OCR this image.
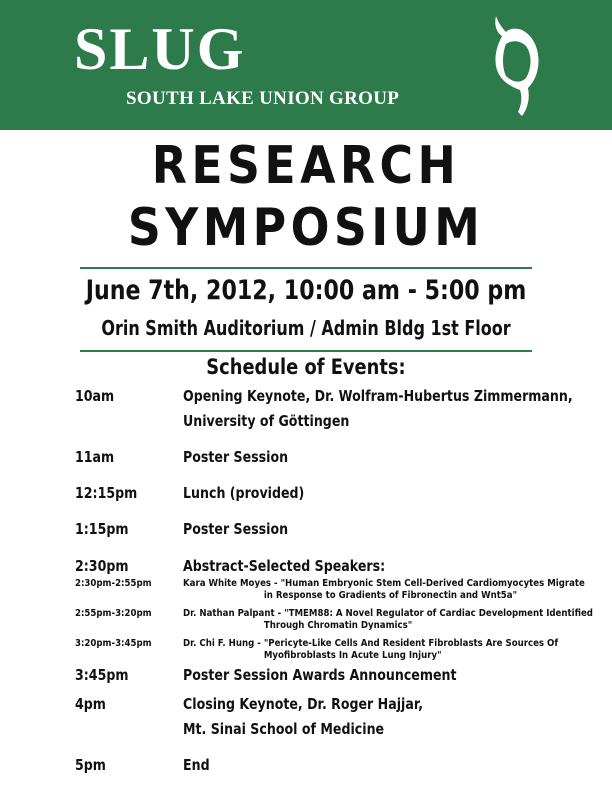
SLUG
SOUTH LAKE UNION GROUP
RESEARCH
SYMPOSIUM
June 7th, 2012, 10:00 am - 5:00 pm
Orin Smith Auditorium / Admin Bldg 1st Floor
Schedule of Events:
10am	Opening Keynote, Dr. Wolfram-Hubertus Zimmermann,
University of Göttingen
11am	Poster Session
12:15pm	Lunch (provided)
1:15pm	Poster Session
2:30pm	Abstract-Selected Speakers:
2:30pm-2:55pm	Kara White Moyes - "Human Embryonic Stem Cell-Derived Cardiomyocytes Migrate
in Response to Gradients of Fibronectin and Wnt5a"
2:55pm-3:20pm	Dr. Nathan Palpant - "TMEM88: A Novel Regulator of Cardiac Development Identified
Through Chromatin Dynamics"
3:20pm-3:45pm	Dr. Chi F. Hung - "Pericyte-Like Cells And Resident Fibroblasts Are Sources Of
Myofibroblasts In Acute Lung Injury"
3:45pm	Poster Session Awards Announcement
4pm	Closing Keynote, Dr. Roger Hajjar,
Mt. Sinai School of Medicine
5pm	End
